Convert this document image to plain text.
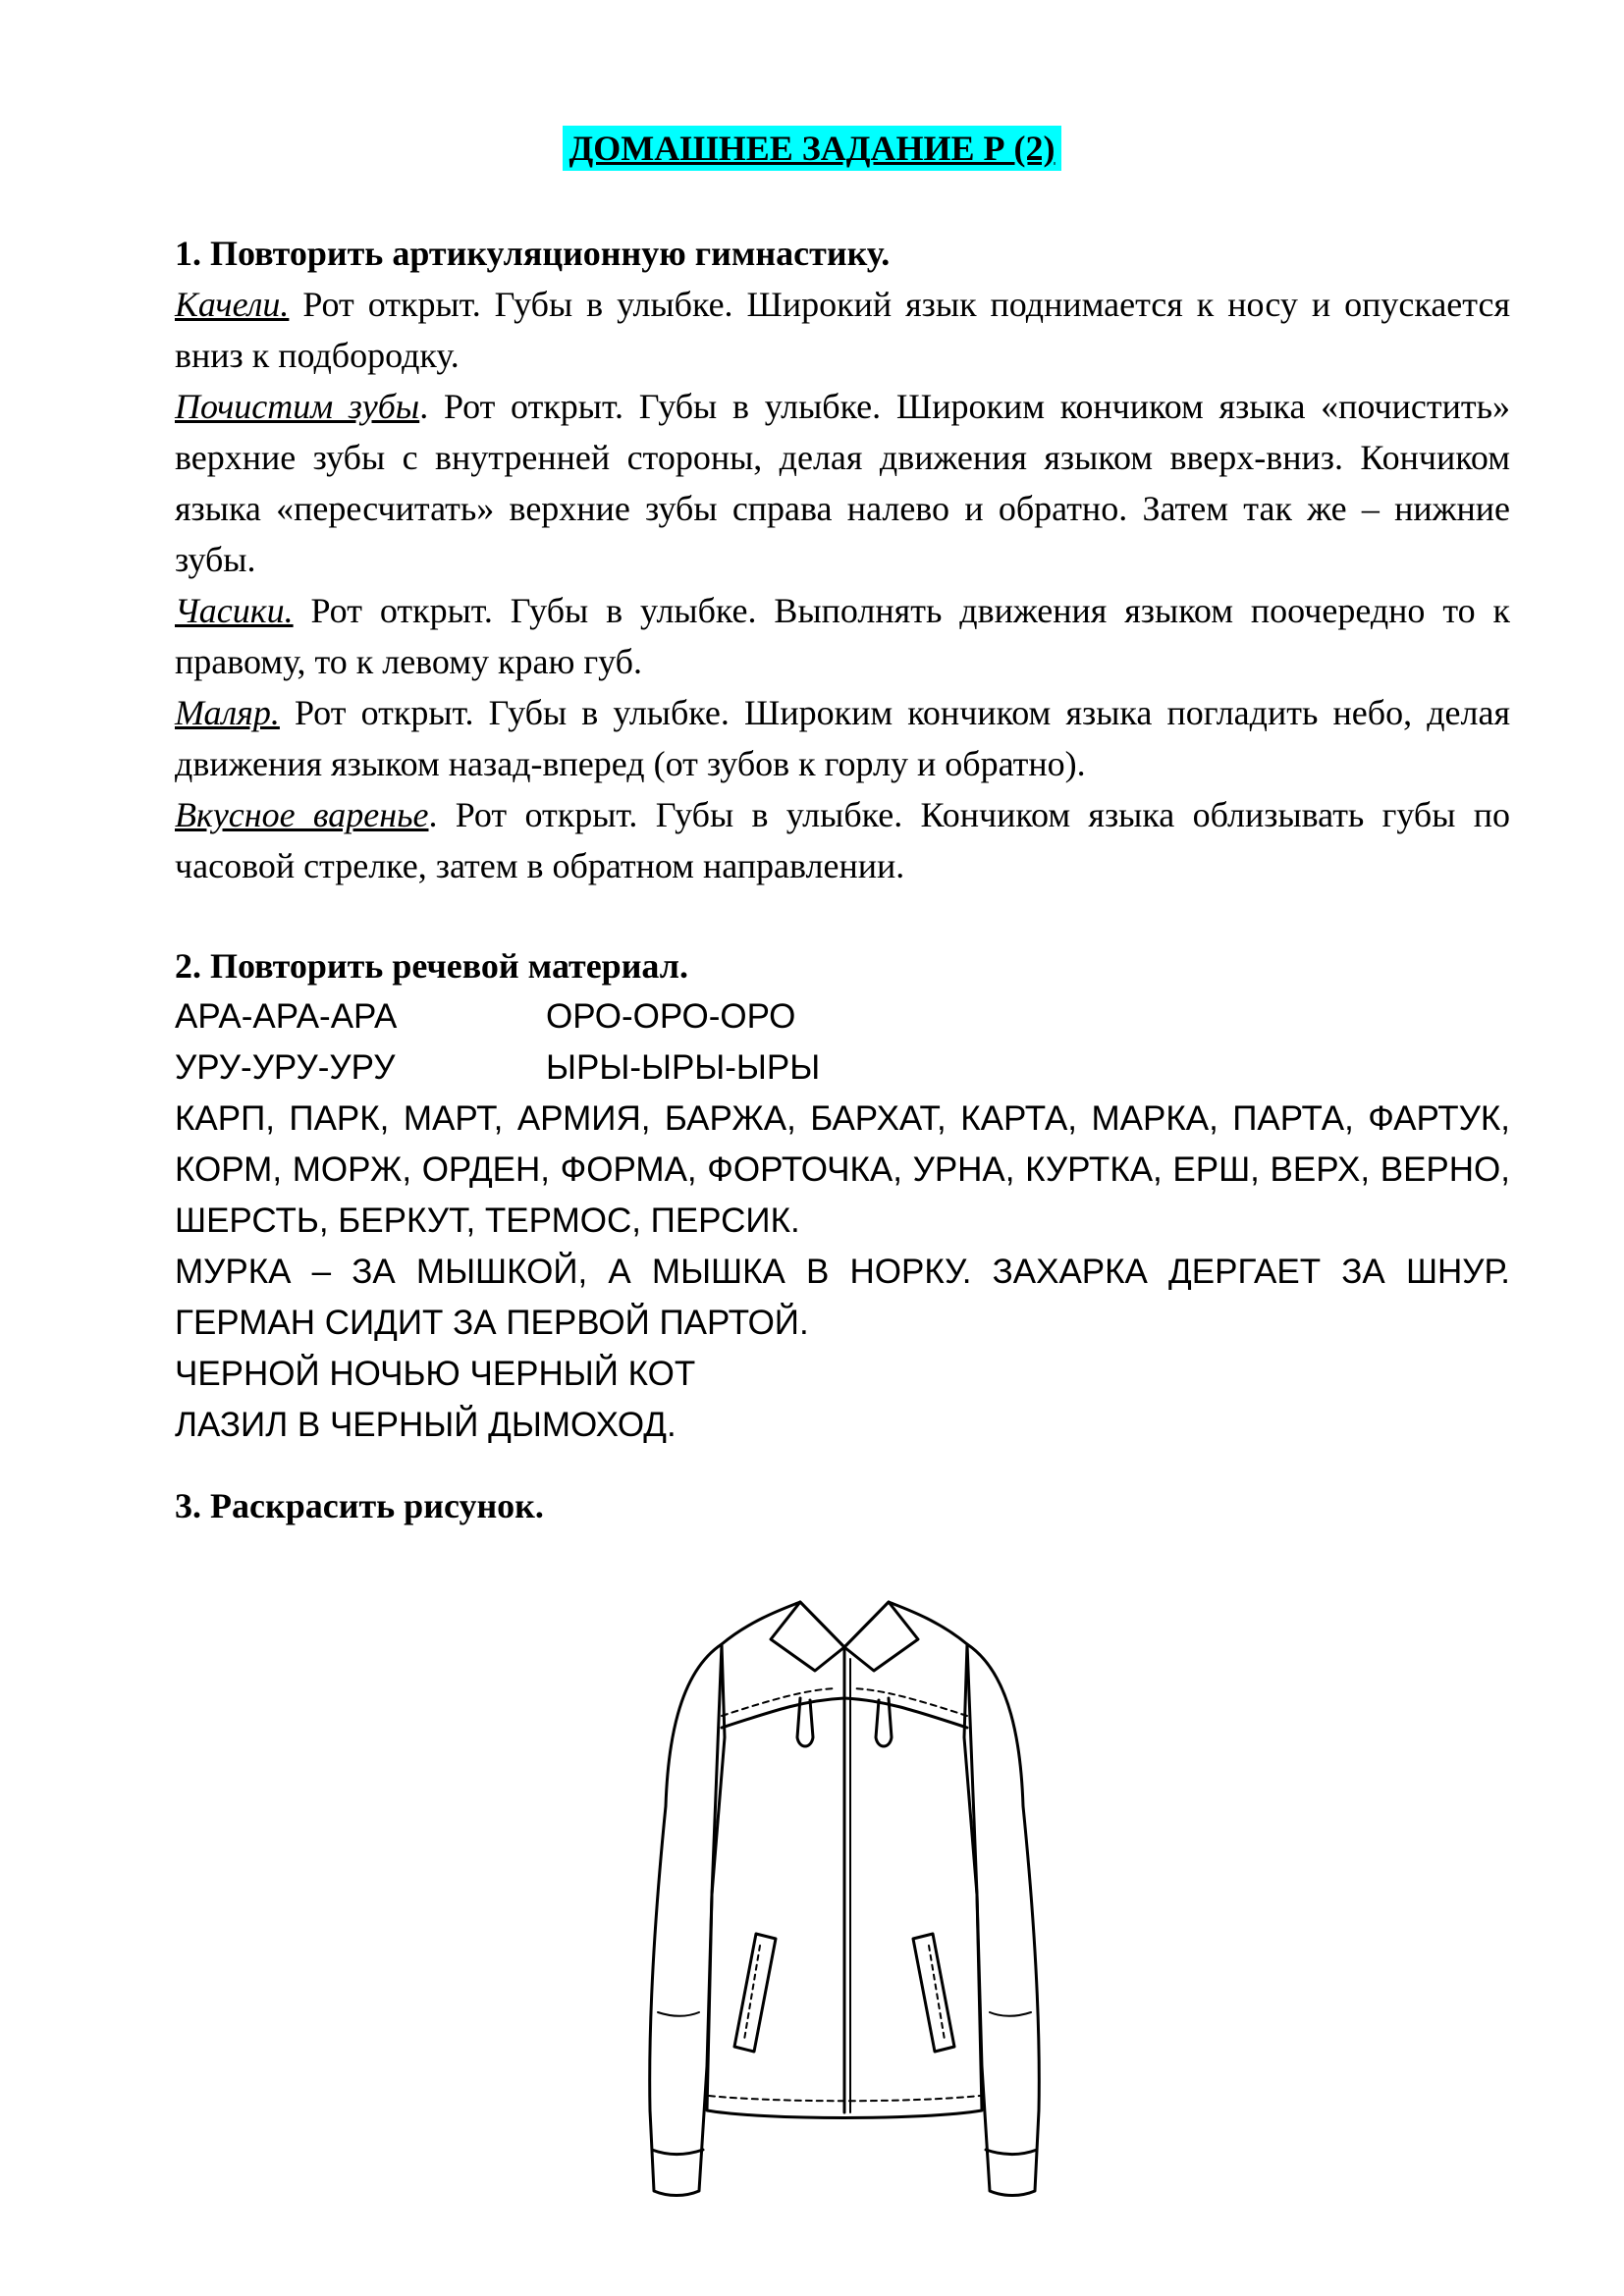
ДОМАШНЕЕ ЗАДАНИЕ Р (2)

1. Повторить артикуляционную гимнастику.

Качели. Рот открыт. Губы в улыбке. Широкий язык поднимается к носу и опускается вниз к подбородку.

Почистим зубы. Рот открыт. Губы в улыбке. Широким кончиком языка «почистить» верхние зубы с внутренней стороны, делая движения языком вверх-вниз. Кончиком языка «пересчитать» верхние зубы справа налево и обратно. Затем так же – нижние зубы.

Часики. Рот открыт. Губы в улыбке. Выполнять движения языком поочередно то к правому, то к левому краю губ.

Маляр. Рот открыт. Губы в улыбке. Широким кончиком языка погладить небо, делая движения языком назад-вперед (от зубов к горлу и обратно).

Вкусное варенье. Рот открыт. Губы в улыбке. Кончиком языка облизывать губы по часовой стрелке, затем в обратном направлении.

2. Повторить речевой материал.

АРА-АРА-АРА	ОРО-ОРО-ОРО
УРУ-УРУ-УРУ	ЫРЫ-ЫРЫ-ЫРЫ

КАРП, ПАРК, МАРТ, АРМИЯ, БАРЖА, БАРХАТ, КАРТА, МАРКА, ПАРТА, ФАРТУК, КОРМ, МОРЖ, ОРДЕН, ФОРМА, ФОРТОЧКА, УРНА, КУРТКА, ЕРШ, ВЕРХ, ВЕРНО, ШЕРСТЬ, БЕРКУТ, ТЕРМОС, ПЕРСИК.

МУРКА – ЗА МЫШКОЙ, А МЫШКА В НОРКУ. ЗАХАРКА ДЕРГАЕТ ЗА ШНУР. ГЕРМАН СИДИТ ЗА ПЕРВОЙ ПАРТОЙ.

ЧЕРНОЙ НОЧЬЮ ЧЕРНЫЙ КОТ
ЛАЗИЛ В ЧЕРНЫЙ ДЫМОХОД.

3. Раскрасить рисунок.
